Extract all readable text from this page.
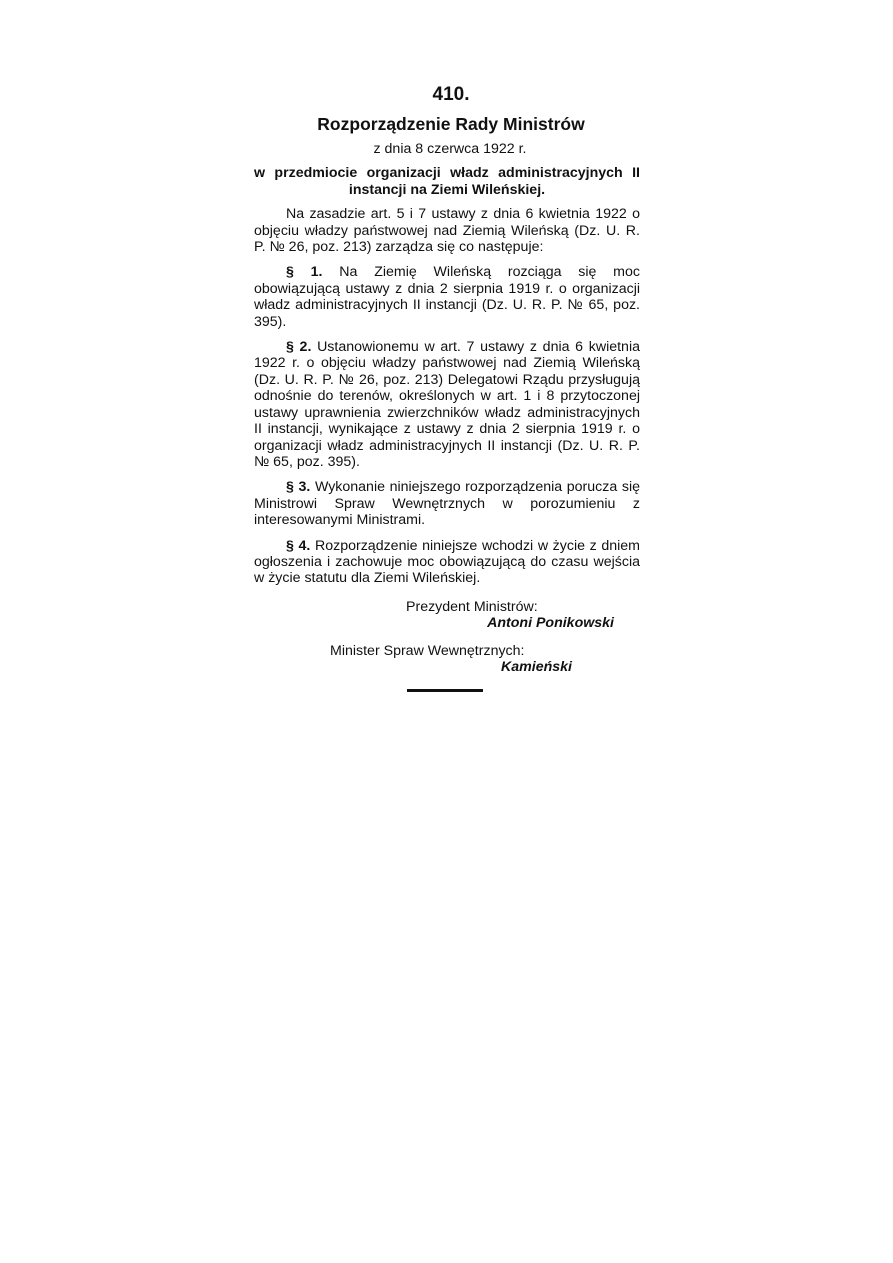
410.
Rozporządzenie Rady Ministrów
z dnia 8 czerwca 1922 r.
w przedmiocie organizacji władz administracyjnych II instancji na Ziemi Wileńskiej.

Na zasadzie art. 5 i 7 ustawy z dnia 6 kwietnia 1922 o objęciu władzy państwowej nad Ziemią Wileńską (Dz. U. R. P. № 26, poz. 213) zarządza się co następuje:

§ 1. Na Ziemię Wileńską rozciąga się moc obowiązującą ustawy z dnia 2 sierpnia 1919 r. o organizacji władz administracyjnych II instancji (Dz. U. R. P. № 65, poz. 395).

§ 2. Ustanowionemu w art. 7 ustawy z dnia 6 kwietnia 1922 r. o objęciu władzy państwowej nad Ziemią Wileńską (Dz. U. R. P. № 26, poz. 213) Delegatowi Rządu przysługują odnośnie do terenów, określonych w art. 1 i 8 przytoczonej ustawy uprawnienia zwierzchników władz administracyjnych II instancji, wynikające z ustawy z dnia 2 sierpnia 1919 r. o organizacji władz administracyjnych II instancji (Dz. U. R. P. № 65, poz. 395).

§ 3. Wykonanie niniejszego rozporządzenia porucza się Ministrowi Spraw Wewnętrznych w porozumieniu z interesowanymi Ministrami.

§ 4. Rozporządzenie niniejsze wchodzi w życie z dniem ogłoszenia i zachowuje moc obowiązującą do czasu wejścia w życie statutu dla Ziemi Wileńskiej.

Prezydent Ministrów:
Antoni Ponikowski
Minister Spraw Wewnętrznych:
Kamieński
